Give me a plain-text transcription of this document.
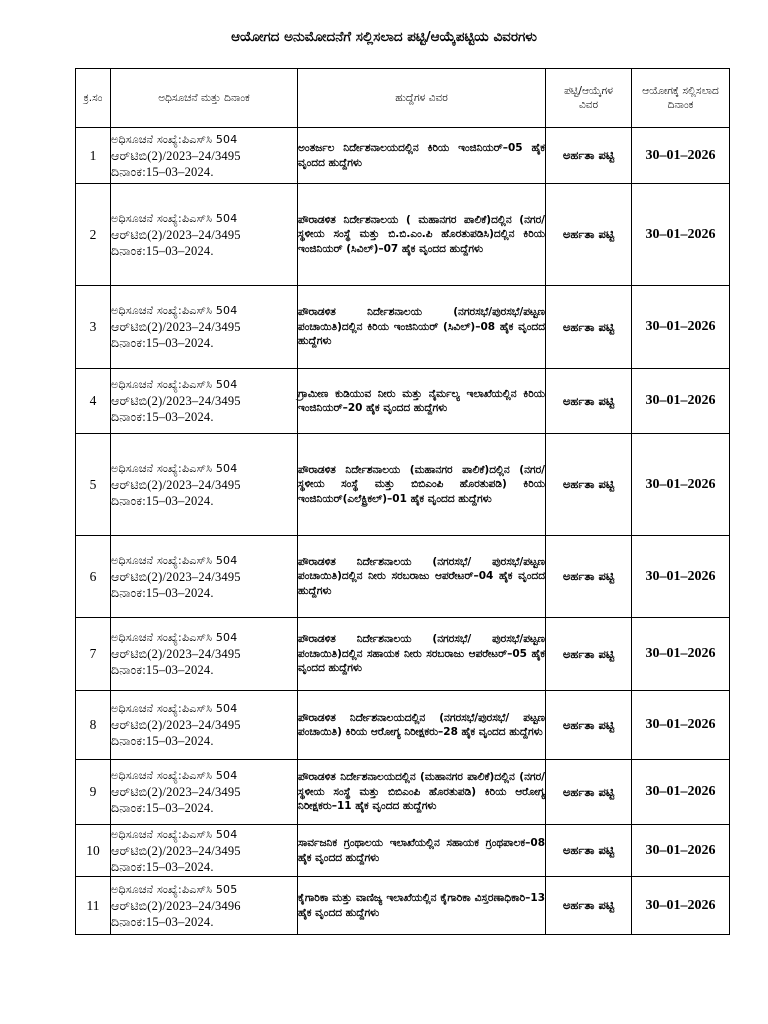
ಆಯೋಗದ ಅನುಮೋದನೆಗೆ ಸಲ್ಲಿಸಲಾದ ಪಟ್ಟಿ/ಆಯ್ಕೆಪಟ್ಟಿಯ ವಿವರಗಳು
ಕ್ರ.ಸಂ	ಅಧಿಸೂಚನೆ ಮತ್ತು ದಿನಾಂಕ	ಹುದ್ದೆಗಳ ವಿವರ	ಪಟ್ಟಿ/ಆಯ್ಕೆಗಳ ವಿವರ	ಆಯೋಗಕ್ಕೆ ಸಲ್ಲಿಸಲಾದ ದಿನಾಂಕ
1	ಅಧಿಸೂಚನೆ ಸಂಖ್ಯೆ:ಪಿಎಸ್‌ಸಿ 504
ಆರ್‌ಟಿಬಿ(2)/2023–24/3495
ದಿನಾಂಕ:15–03–2024.	ಅಂತರ್ಜಲ ನಿರ್ದೇಶನಾಲಯದಲ್ಲಿನ ಕಿರಿಯ ಇಂಜಿನಿಯರ್–05 ಹೈಕ ವೃಂದದ ಹುದ್ದೆಗಳು	ಅರ್ಹತಾ ಪಟ್ಟಿ	30–01–2026
2	ಅಧಿಸೂಚನೆ ಸಂಖ್ಯೆ:ಪಿಎಸ್‌ಸಿ 504
ಆರ್‌ಟಿಬಿ(2)/2023–24/3495
ದಿನಾಂಕ:15–03–2024.	ಪೌರಾಡಳಿತ ನಿರ್ದೇಶನಾಲಯ ( ಮಹಾನಗರ ಪಾಲಿಕೆ)ದಲ್ಲಿನ (ನಗರ/ ಸ್ಥಳೀಯ ಸಂಸ್ಥೆ ಮತ್ತು ಬಿ.ಬಿ.ಎಂ.ಪಿ ಹೊರತುಪಡಿಸಿ)ದಲ್ಲಿನ ಕಿರಿಯ ಇಂಜಿನಿಯರ್ (ಸಿವಿಲ್)–07 ಹೈಕ ವೃಂದದ ಹುದ್ದೆಗಳು	ಅರ್ಹತಾ ಪಟ್ಟಿ	30–01–2026
3	ಅಧಿಸೂಚನೆ ಸಂಖ್ಯೆ:ಪಿಎಸ್‌ಸಿ 504
ಆರ್‌ಟಿಬಿ(2)/2023–24/3495
ದಿನಾಂಕ:15–03–2024.	ಪೌರಾಡಳಿತ ನಿರ್ದೇಶನಾಲಯ (ನಗರಸಭೆ/ಪುರಸಭೆ/ಪಟ್ಟಣ ಪಂಚಾಯಿತಿ)ದಲ್ಲಿನ ಕಿರಿಯ ಇಂಜಿನಿಯರ್ (ಸಿವಿಲ್)–08 ಹೈಕ ವೃಂದದ ಹುದ್ದೆಗಳು	ಅರ್ಹತಾ ಪಟ್ಟಿ	30–01–2026
4	ಅಧಿಸೂಚನೆ ಸಂಖ್ಯೆ:ಪಿಎಸ್‌ಸಿ 504
ಆರ್‌ಟಿಬಿ(2)/2023–24/3495
ದಿನಾಂಕ:15–03–2024.	ಗ್ರಾಮೀಣ ಕುಡಿಯುವ ನೀರು ಮತ್ತು ನೈರ್ಮಲ್ಯ ಇಲಾಖೆಯಲ್ಲಿನ ಕಿರಿಯ ಇಂಜಿನಿಯರ್–20 ಹೈಕ ವೃಂದದ ಹುದ್ದೆಗಳು	ಅರ್ಹತಾ ಪಟ್ಟಿ	30–01–2026
5	ಅಧಿಸೂಚನೆ ಸಂಖ್ಯೆ:ಪಿಎಸ್‌ಸಿ 504
ಆರ್‌ಟಿಬಿ(2)/2023–24/3495
ದಿನಾಂಕ:15–03–2024.	ಪೌರಾಡಳಿತ ನಿರ್ದೇಶನಾಲಯ (ಮಹಾನಗರ ಪಾಲಿಕೆ)ದಲ್ಲಿನ (ನಗರ/ಸ್ಥಳೀಯ ಸಂಸ್ಥೆ ಮತ್ತು ಬಿಬಿಎಂಪಿ ಹೊರತುಪಡಿ) ಕಿರಿಯ ಇಂಜಿನಿಯರ್(ಎಲೆಕ್ಟ್ರಿಕಲ್)–01 ಹೈಕ ವೃಂದದ ಹುದ್ದೆಗಳು	ಅರ್ಹತಾ ಪಟ್ಟಿ	30–01–2026
6	ಅಧಿಸೂಚನೆ ಸಂಖ್ಯೆ:ಪಿಎಸ್‌ಸಿ 504
ಆರ್‌ಟಿಬಿ(2)/2023–24/3495
ದಿನಾಂಕ:15–03–2024.	ಪೌರಾಡಳಿತ ನಿರ್ದೇಶನಾಲಯ (ನಗರಸಭೆ/ ಪುರಸಭೆ/ಪಟ್ಟಣ ಪಂಚಾಯಿತಿ)ದಲ್ಲಿನ ನೀರು ಸರಬರಾಜು ಆಪರೇಟರ್–04 ಹೈಕ ವೃಂದದ ಹುದ್ದೆಗಳು	ಅರ್ಹತಾ ಪಟ್ಟಿ	30–01–2026
7	ಅಧಿಸೂಚನೆ ಸಂಖ್ಯೆ:ಪಿಎಸ್‌ಸಿ 504
ಆರ್‌ಟಿಬಿ(2)/2023–24/3495
ದಿನಾಂಕ:15–03–2024.	ಪೌರಾಡಳಿತ ನಿರ್ದೇಶನಾಲಯ (ನಗರಸಭೆ/ ಪುರಸಭೆ/ಪಟ್ಟಣ ಪಂಚಾಯಿತಿ)ದಲ್ಲಿನ ಸಹಾಯಕ ನೀರು ಸರಬರಾಜು ಆಪರೇಟರ್–05 ಹೈಕ ವೃಂದದ ಹುದ್ದೆಗಳು	ಅರ್ಹತಾ ಪಟ್ಟಿ	30–01–2026
8	ಅಧಿಸೂಚನೆ ಸಂಖ್ಯೆ:ಪಿಎಸ್‌ಸಿ 504
ಆರ್‌ಟಿಬಿ(2)/2023–24/3495
ದಿನಾಂಕ:15–03–2024.	ಪೌರಾಡಳಿತ ನಿರ್ದೇಶನಾಲಯದಲ್ಲಿನ (ನಗರಸಭೆ/ಪುರಸಭೆ/ ಪಟ್ಟಣ ಪಂಚಾಯಿತಿ) ಕಿರಿಯ ಆರೋಗ್ಯ ನಿರೀಕ್ಷಕರು–28 ಹೈಕ ವೃಂದದ ಹುದ್ದೆಗಳು	ಅರ್ಹತಾ ಪಟ್ಟಿ	30–01–2026
9	ಅಧಿಸೂಚನೆ ಸಂಖ್ಯೆ:ಪಿಎಸ್‌ಸಿ 504
ಆರ್‌ಟಿಬಿ(2)/2023–24/3495
ದಿನಾಂಕ:15–03–2024.	ಪೌರಾಡಳಿತ ನಿರ್ದೇಶನಾಲಯದಲ್ಲಿನ (ಮಹಾನಗರ ಪಾಲಿಕೆ)ದಲ್ಲಿನ (ನಗರ/ಸ್ಥಳೀಯ ಸಂಸ್ಥೆ ಮತ್ತು ಬಿಬಿಎಂಪಿ ಹೊರತುಪಡಿ) ಕಿರಿಯ ಆರೋಗ್ಯ ನಿರೀಕ್ಷಕರು–11 ಹೈಕ ವೃಂದದ ಹುದ್ದೆಗಳು	ಅರ್ಹತಾ ಪಟ್ಟಿ	30–01–2026
10	ಅಧಿಸೂಚನೆ ಸಂಖ್ಯೆ:ಪಿಎಸ್‌ಸಿ 504
ಆರ್‌ಟಿಬಿ(2)/2023–24/3495
ದಿನಾಂಕ:15–03–2024.	ಸಾರ್ವಜನಿಕ ಗ್ರಂಥಾಲಯ ಇಲಾಖೆಯಲ್ಲಿನ ಸಹಾಯಕ ಗ್ರಂಥಪಾಲಕ–08 ಹೈಕ ವೃಂದದ ಹುದ್ದೆಗಳು	ಅರ್ಹತಾ ಪಟ್ಟಿ	30–01–2026
11	ಅಧಿಸೂಚನೆ ಸಂಖ್ಯೆ:ಪಿಎಸ್‌ಸಿ 505
ಆರ್‌ಟಿಬಿ(2)/2023–24/3496
ದಿನಾಂಕ:15–03–2024.	ಕೈಗಾರಿಕಾ ಮತ್ತು ವಾಣಿಜ್ಯ ಇಲಾಖೆಯಲ್ಲಿನ ಕೈಗಾರಿಕಾ ವಿಸ್ತರಣಾಧಿಕಾರಿ–13 ಹೈಕ ವೃಂದದ ಹುದ್ದೆಗಳು	ಅರ್ಹತಾ ಪಟ್ಟಿ	30–01–2026
